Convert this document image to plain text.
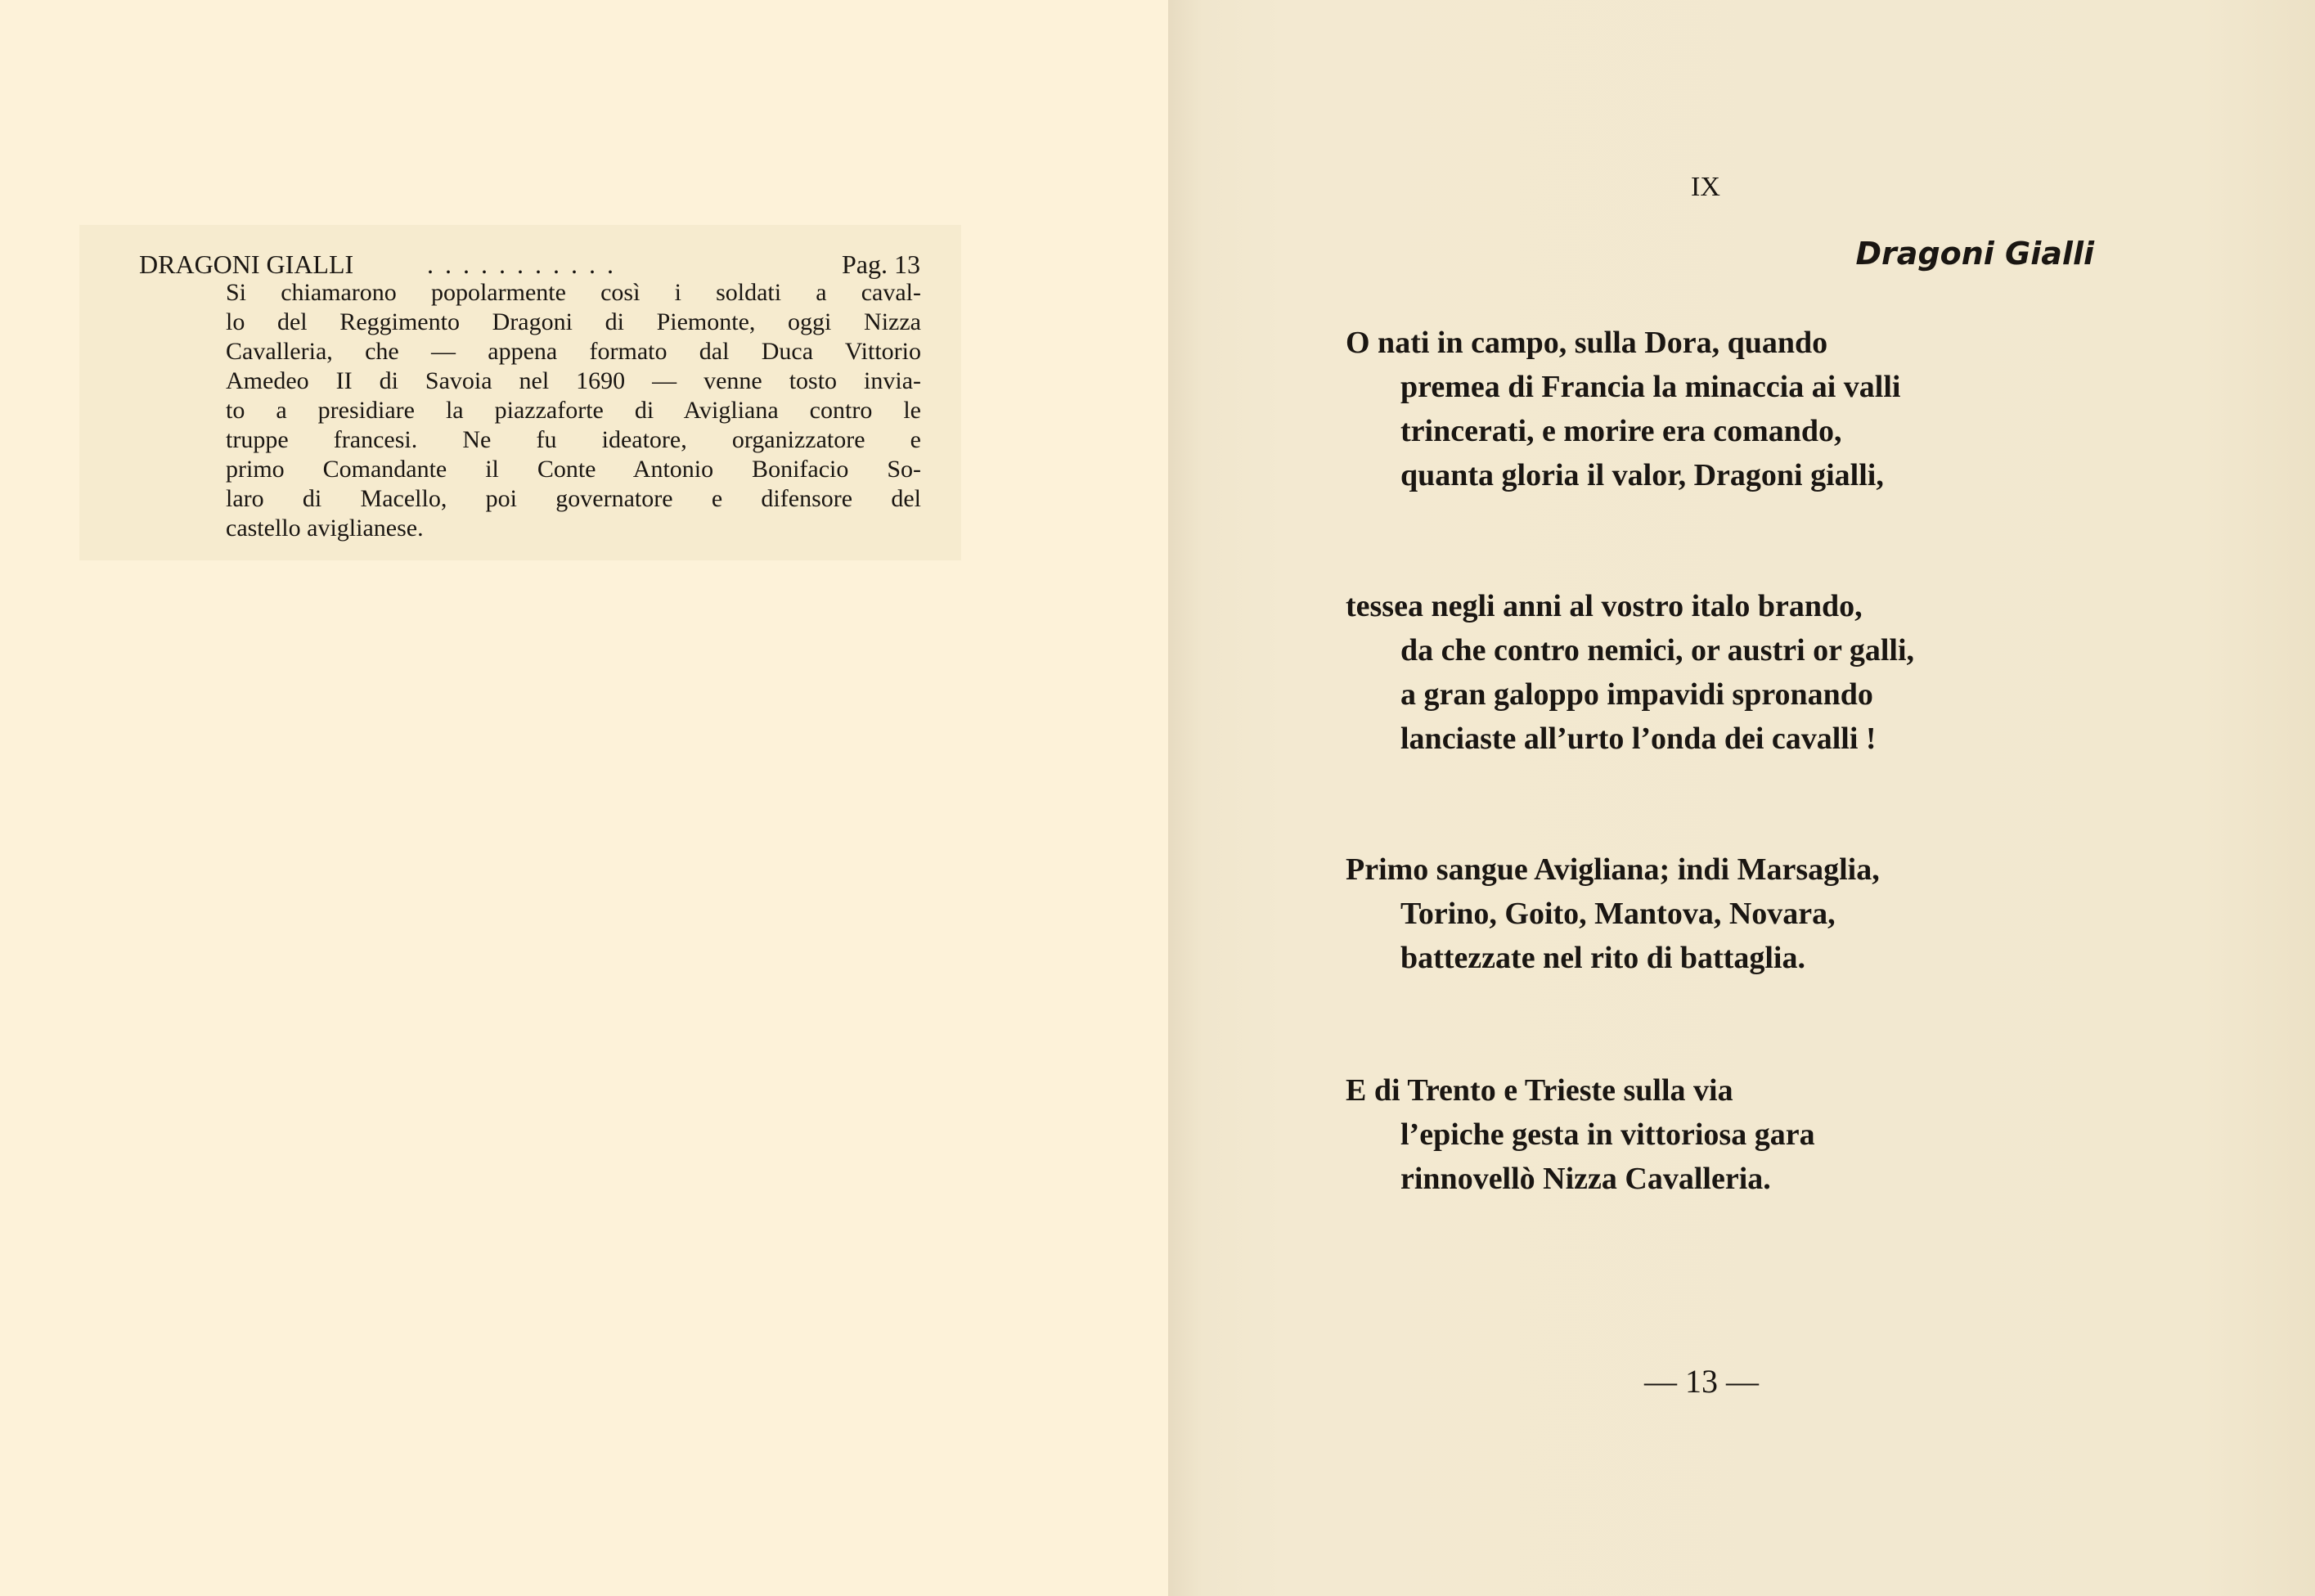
DRAGONI GIALLI	...........	Pag. 13
Si chiamarono popolarmente così i soldati a caval-
lo del Reggimento Dragoni di Piemonte, oggi Nizza
Cavalleria, che — appena formato dal Duca Vittorio
Amedeo II di Savoia nel 1690 — venne tosto invia-
to a presidiare la piazzaforte di Avigliana contro le
truppe francesi. Ne fu ideatore, organizzatore e
primo Comandante il Conte Antonio Bonifacio So-
laro di Macello, poi governatore e difensore del
castello aviglianese.
IX
Dragoni Gialli
O nati in campo, sulla Dora, quando
premea di Francia la minaccia ai valli
trincerati, e morire era comando,
quanta gloria il valor, Dragoni gialli,
tessea negli anni al vostro italo brando,
da che contro nemici, or austri or galli,
a gran galoppo impavidi spronando
lanciaste all’urto l’onda dei cavalli !
Primo sangue Avigliana; indi Marsaglia,
Torino, Goito, Mantova, Novara,
battezzate nel rito di battaglia.
E di Trento e Trieste sulla via
l’epiche gesta in vittoriosa gara
rinnovellò Nizza Cavalleria.
— 13 —
